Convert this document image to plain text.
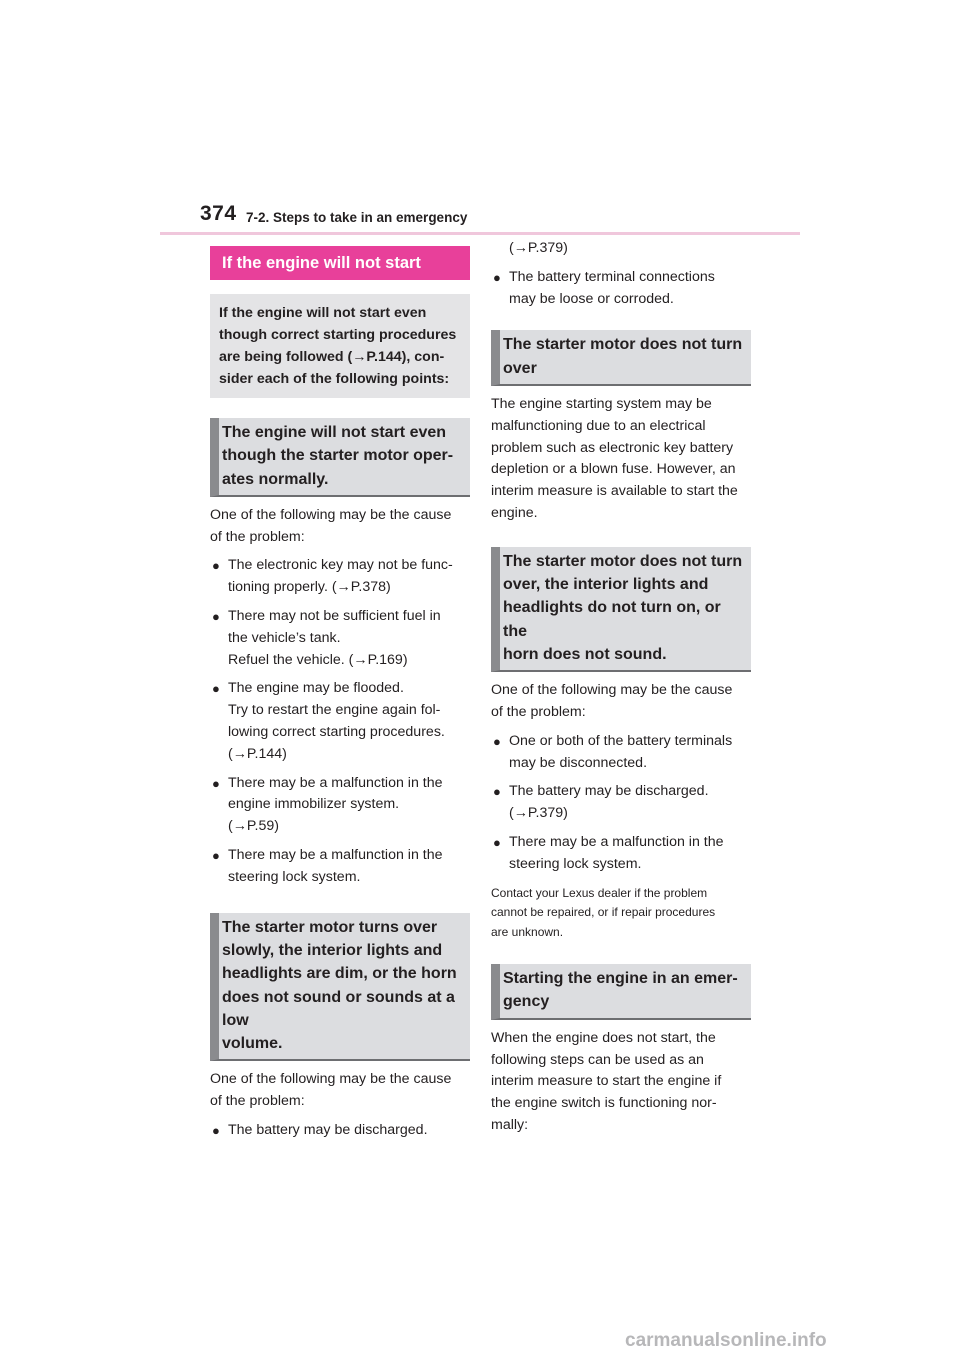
374 7-2. Steps to take in an emergency
If the engine will not start
If the engine will not start even
though correct starting procedures
are being followed (→P.144), con-
sider each of the following points:
The engine will not start even
though the starter motor oper-
ates normally.
One of the following may be the cause
of the problem:
● The electronic key may not be func-
tioning properly. (→P.378)
● There may not be sufficient fuel in
the vehicle’s tank.
Refuel the vehicle. (→P.169)
● The engine may be flooded.
Try to restart the engine again fol-
lowing correct starting procedures.
(→P.144)
● There may be a malfunction in the
engine immobilizer system.
(→P.59)
● There may be a malfunction in the
steering lock system.
The starter motor turns over
slowly, the interior lights and
headlights are dim, or the horn
does not sound or sounds at a low
volume.
One of the following may be the cause
of the problem:
● The battery may be discharged.
(→P.379)
● The battery terminal connections
may be loose or corroded.
The starter motor does not turn
over
The engine starting system may be
malfunctioning due to an electrical
problem such as electronic key battery
depletion or a blown fuse. However, an
interim measure is available to start the
engine.
The starter motor does not turn
over, the interior lights and
headlights do not turn on, or the
horn does not sound.
One of the following may be the cause
of the problem:
● One or both of the battery terminals
may be disconnected.
● The battery may be discharged.
(→P.379)
● There may be a malfunction in the
steering lock system.
Contact your Lexus dealer if the problem
cannot be repaired, or if repair procedures
are unknown.
Starting the engine in an emer-
gency
When the engine does not start, the
following steps can be used as an
interim measure to start the engine if
the engine switch is functioning nor-
mally:
carmanualsonline.info
